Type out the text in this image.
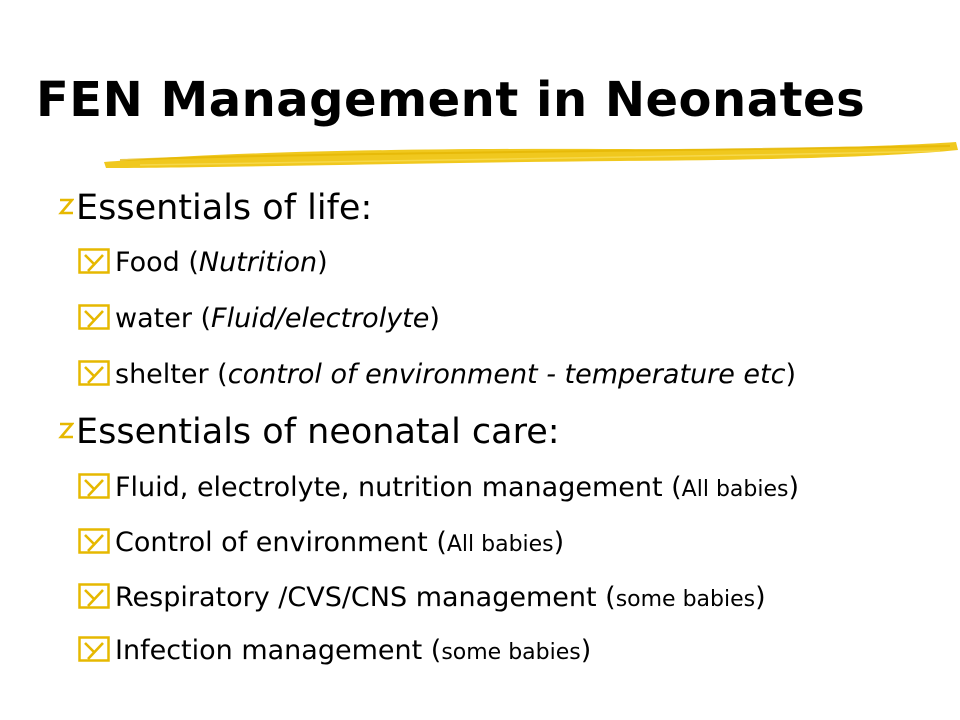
FEN Management in Neonates
Essentials of life:
Food (Nutrition)
water (Fluid/electrolyte)
shelter (control of environment - temperature etc)
Essentials of neonatal care:
Fluid, electrolyte, nutrition management (All babies)
Control of environment (All babies)
Respiratory /CVS/CNS management (some babies)
Infection management (some babies)
